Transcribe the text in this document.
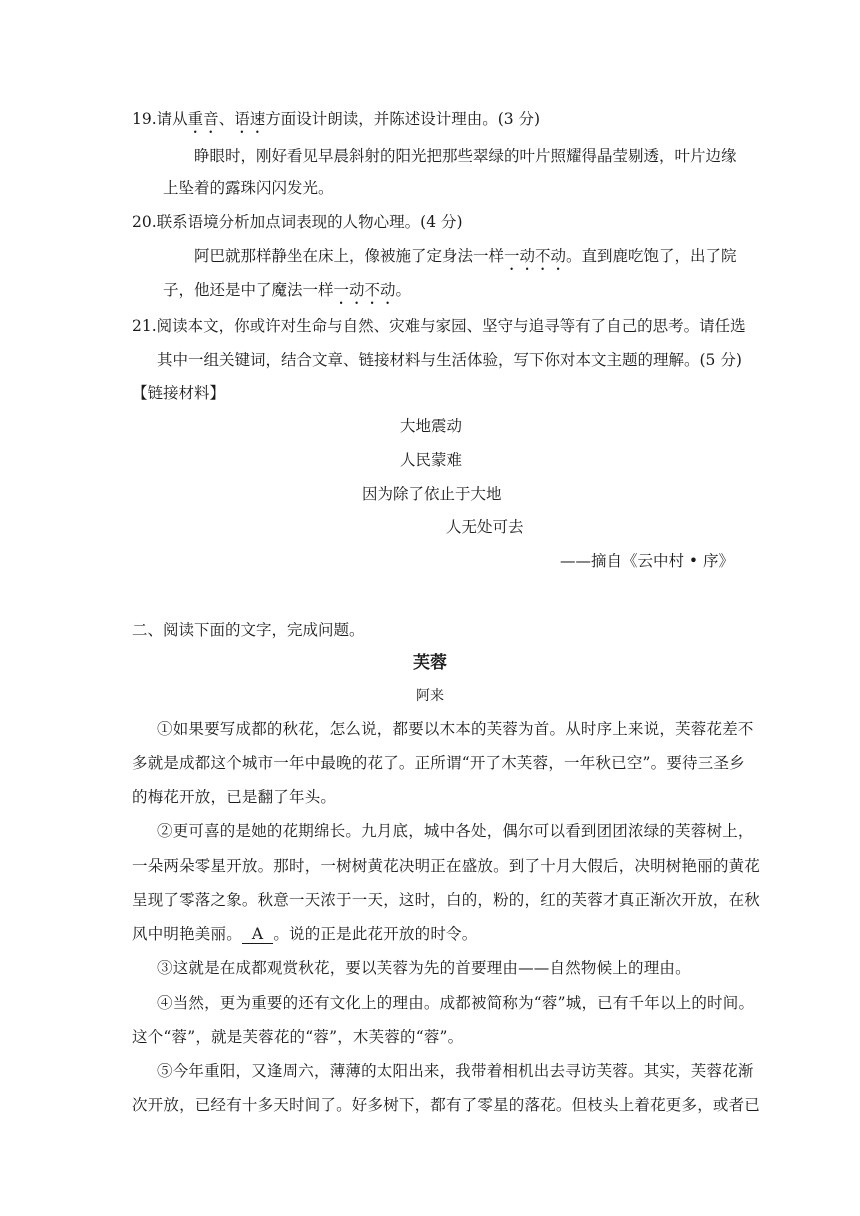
19.请从重音、语速方面设计朗读，并陈述设计理由。(3 分)
睁眼时，刚好看见早晨斜射的阳光把那些翠绿的叶片照耀得晶莹剔透，叶片边缘
上坠着的露珠闪闪发光。
20.联系语境分析加点词表现的人物心理。(4 分)
阿巴就那样静坐在床上，像被施了定身法一样一动不动。直到鹿吃饱了，出了院
子，他还是中了魔法一样一动不动。
21.阅读本文，你或许对生命与自然、灾难与家园、坚守与追寻等有了自己的思考。请任选
其中一组关键词，结合文章、链接材料与生活体验，写下你对本文主题的理解。(5 分)
【链接材料】
大地震动
人民蒙难
因为除了依止于大地
人无处可去
——摘自《云中村 • 序》
二、阅读下面的文字，完成问题。
芙蓉
阿来
①如果要写成都的秋花，怎么说，都要以木本的芙蓉为首。从时序上来说，芙蓉花差不
多就是成都这个城市一年中最晚的花了。正所谓“开了木芙蓉，一年秋已空”。要待三圣乡
的梅花开放，已是翻了年头。
②更可喜的是她的花期绵长。九月底，城中各处，偶尔可以看到团团浓绿的芙蓉树上，
一朵两朵零星开放。那时，一树树黄花决明正在盛放。到了十月大假后，决明树艳丽的黄花
呈现了零落之象。秋意一天浓于一天，这时，白的，粉的，红的芙蓉才真正渐次开放，在秋
风中明艳美丽。 A 。说的正是此花开放的时令。
③这就是在成都观赏秋花，要以芙蓉为先的首要理由——自然物候上的理由。
④当然，更为重要的还有文化上的理由。成都被简称为“蓉”城，已有千年以上的时间。
这个“蓉”，就是芙蓉花的“蓉”，木芙蓉的“蓉”。
⑤今年重阳，又逢周六，薄薄的太阳出来，我带着相机出去寻访芙蓉。其实，芙蓉花渐
次开放，已经有十多天时间了。好多树下，都有了零星的落花。但枝头上着花更多，或者已
